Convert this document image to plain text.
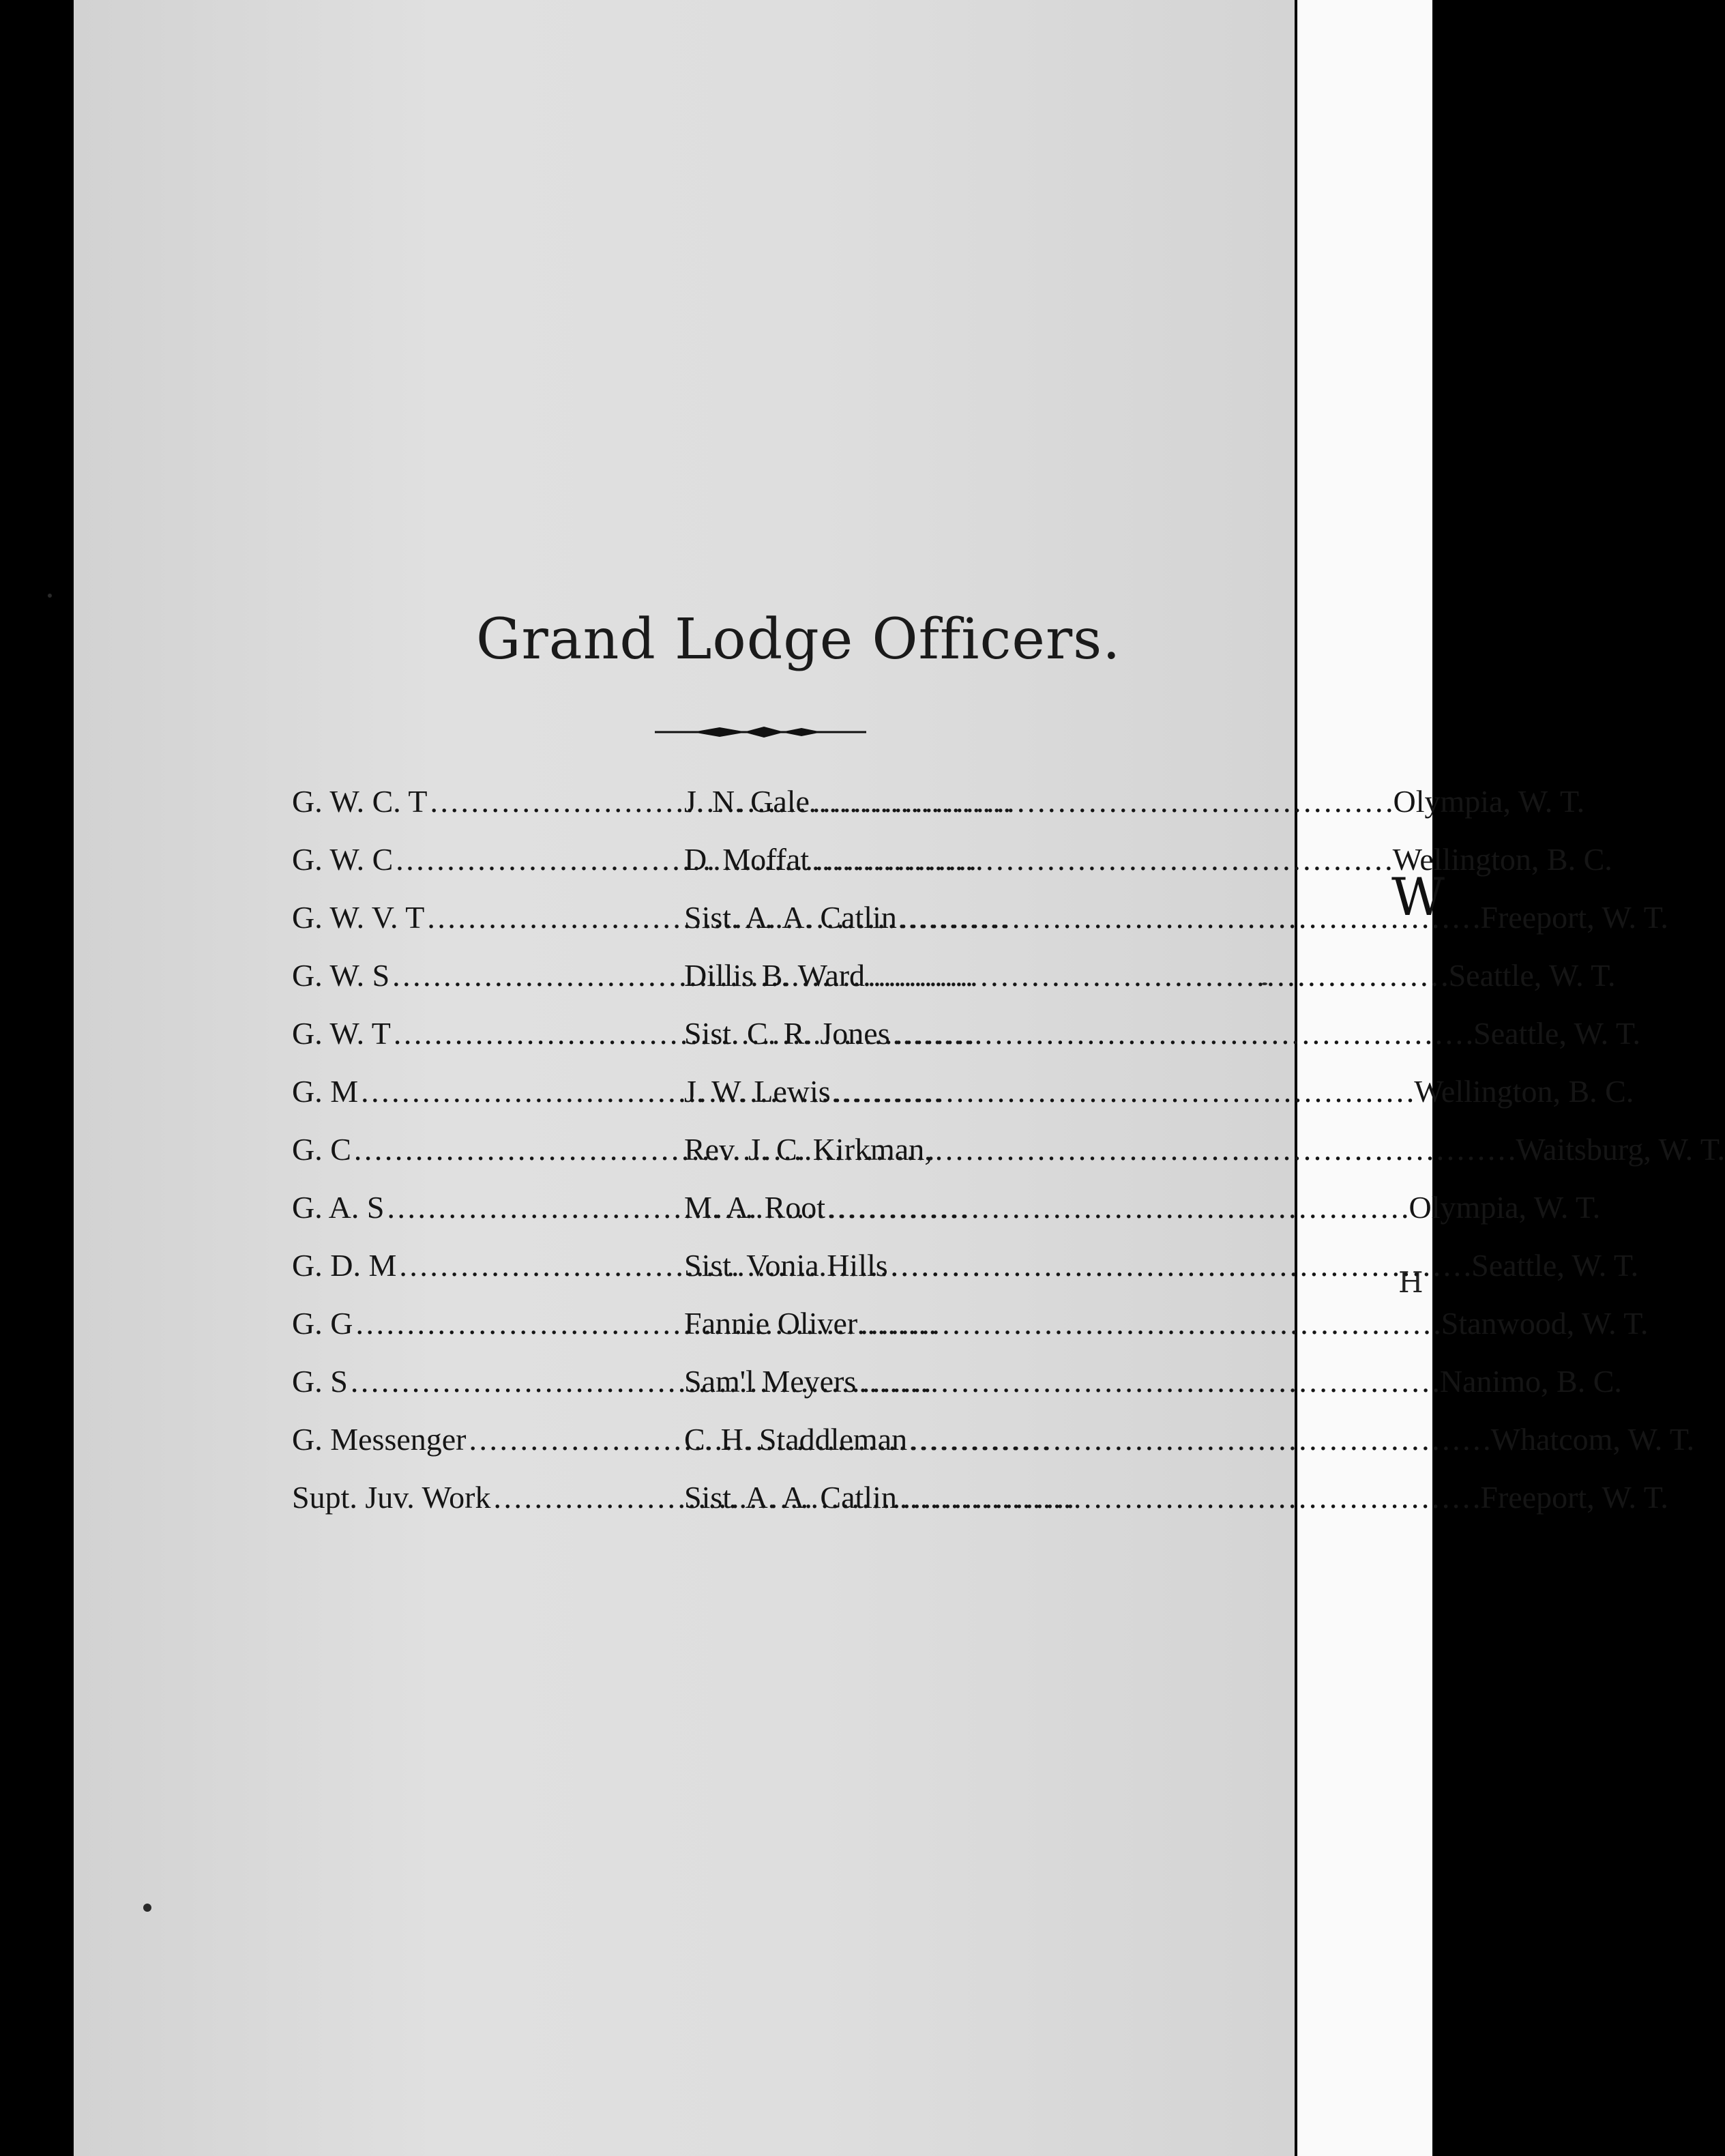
W
H
Grand Lodge Officers.
G. W. C. T . . .	J. N. Gale . . .	Olympia, W. T.
G. W. C . . .	D. Moffat . . .	Wellington, B. C.
G. W. V. T . . .	Sist. A. A. Catlin . . .	Freeport, W. T.
G. W. S . . .	Dillis B. Ward . . .	Seattle, W. T.
G. W. T . . .	Sist. C. R. Jones . . .	Seattle, W. T.
G. M . . .	J. W. Lewis . . .	Wellington, B. C.
G. C . . .	Rev. J. C. Kirkman, . . .	Waitsburg, W. T.
G. A. S . . .	M. A. Root . . .	Olympia, W. T.
G. D. M . . .	Sist. Vonia Hills . . .	Seattle, W. T.
G. G . . .	Fannie Oliver . . .	Stanwood, W. T.
G. S . . .	Sam'l Meyers . . .	Nanimo, B. C.
G. Messenger . . .	C. H. Staddleman . . .	Whatcom, W. T.
Supt. Juv. Work . . .	Sist. A. A. Catlin . . .	Freeport, W. T.
